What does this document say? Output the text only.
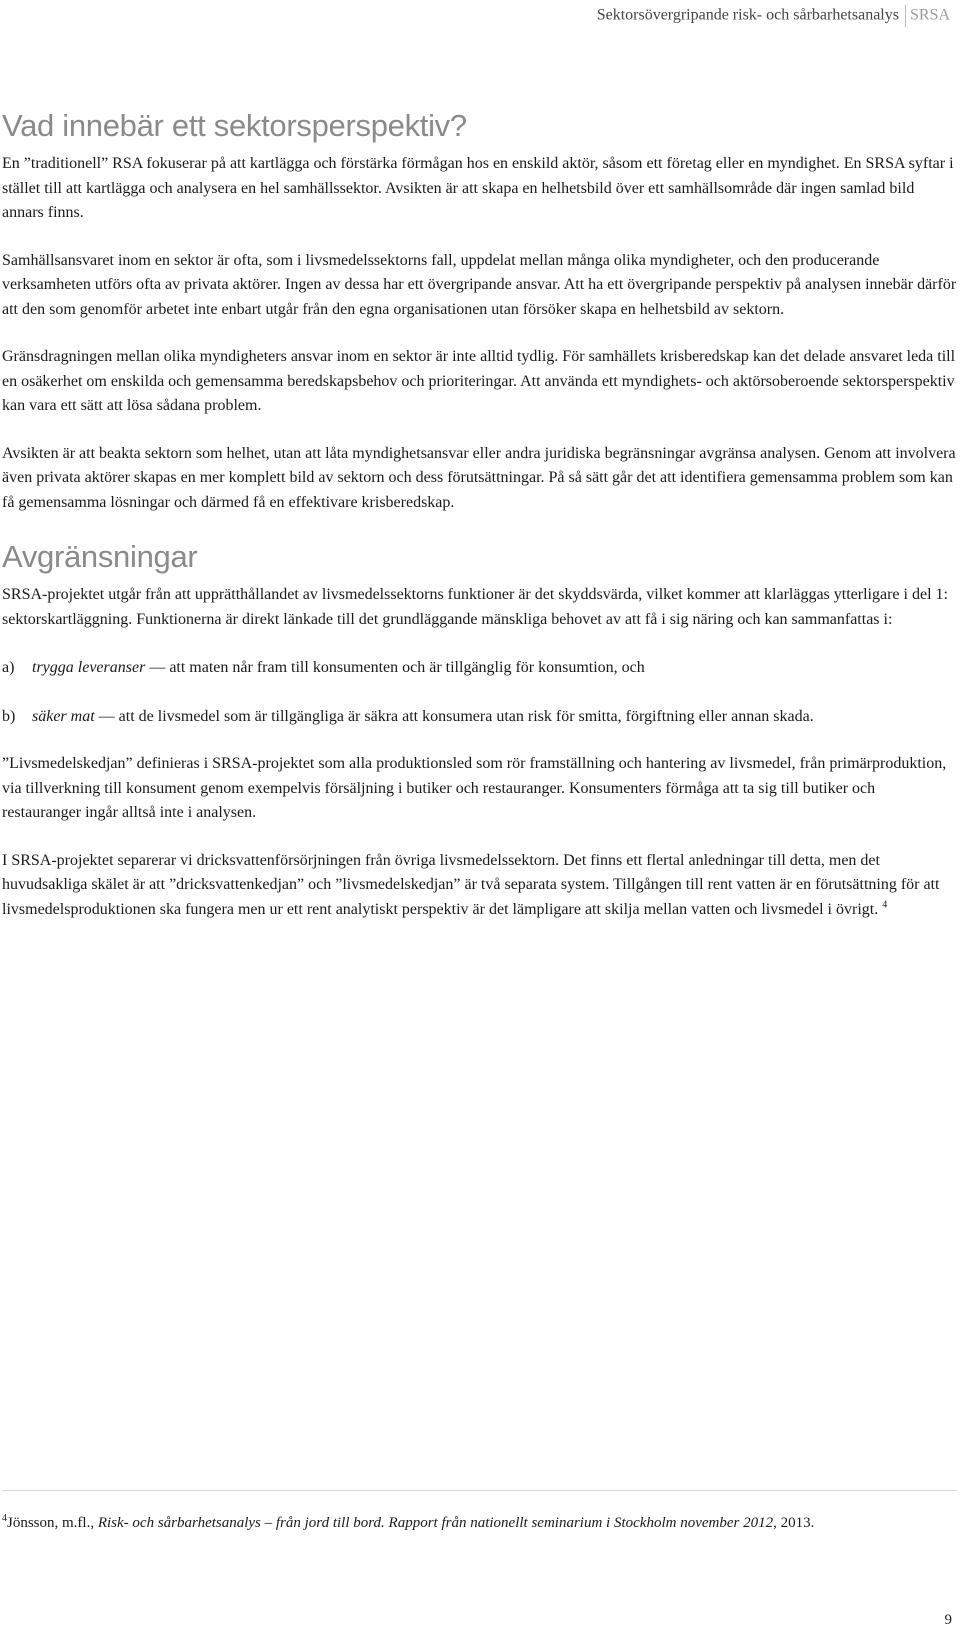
Sektorsövergripande risk- och sårbarhetsanalys SRSA
Vad innebär ett sektorsperspektiv?

En ”traditionell” RSA fokuserar på att kartlägga och förstärka förmågan hos en enskild aktör, såsom ett företag eller en myndighet. En SRSA syftar i stället till att kartlägga och analysera en hel samhällssektor. Avsikten är att skapa en helhetsbild över ett samhällsområde där ingen samlad bild annars finns.

Samhällsansvaret inom en sektor är ofta, som i livsmedelssektorns fall, uppdelat mellan många olika myndigheter, och den producerande verksamheten utförs ofta av privata aktörer. Ingen av dessa har ett övergripande ansvar. Att ha ett övergripande perspektiv på analysen innebär därför att den som genomför arbetet inte enbart utgår från den egna organisationen utan försöker skapa en helhetsbild av sektorn.

Gränsdragningen mellan olika myndigheters ansvar inom en sektor är inte alltid tydlig. För samhällets krisberedskap kan det delade ansvaret leda till en osäkerhet om enskilda och gemensamma beredskapsbehov och prioriteringar. Att använda ett myndighets- och aktörsoberoende sektorsperspektiv kan vara ett sätt att lösa sådana problem.

Avsikten är att beakta sektorn som helhet, utan att låta myndighetsansvar eller andra juridiska begränsningar avgränsa analysen. Genom att involvera även privata aktörer skapas en mer komplett bild av sektorn och dess förutsättningar. På så sätt går det att identifiera gemensamma problem som kan få gemensamma lösningar och därmed få en effektivare krisberedskap.

Avgränsningar

SRSA-projektet utgår från att upprätthållandet av livsmedelssektorns funktioner är det skyddsvärda, vilket kommer att klarläggas ytterligare i del 1: sektorskartläggning. Funktionerna är direkt länkade till det grundläggande mänskliga behovet av att få i sig näring och kan sammanfattas i:

a)	trygga leveranser — att maten når fram till konsumenten och är tillgänglig för konsumtion, och
b)	säker mat — att de livsmedel som är tillgängliga är säkra att konsumera utan risk för smitta, förgiftning eller annan skada.

”Livsmedelskedjan” definieras i SRSA-projektet som alla produktionsled som rör framställning och hantering av livsmedel, från primärproduktion, via tillverkning till konsument genom exempelvis försäljning i butiker och restauranger. Konsumenters förmåga att ta sig till butiker och restauranger ingår alltså inte i analysen.

I SRSA-projektet separerar vi dricksvattenförsörjningen från övriga livsmedelssektorn. Det finns ett flertal anledningar till detta, men det huvudsakliga skälet är att ”dricksvattenkedjan” och ”livsmedelskedjan” är två separata system. Tillgången till rent vatten är en förutsättning för att livsmedelsproduktionen ska fungera men ur ett rent analytiskt perspektiv är det lämpligare att skilja mellan vatten och livsmedel i övrigt. $^4$

$^4$Jönsson, m.fl., Risk- och sårbarhetsanalys – från jord till bord. Rapport från nationellt seminarium i Stockholm november 2012, 2013.
9
